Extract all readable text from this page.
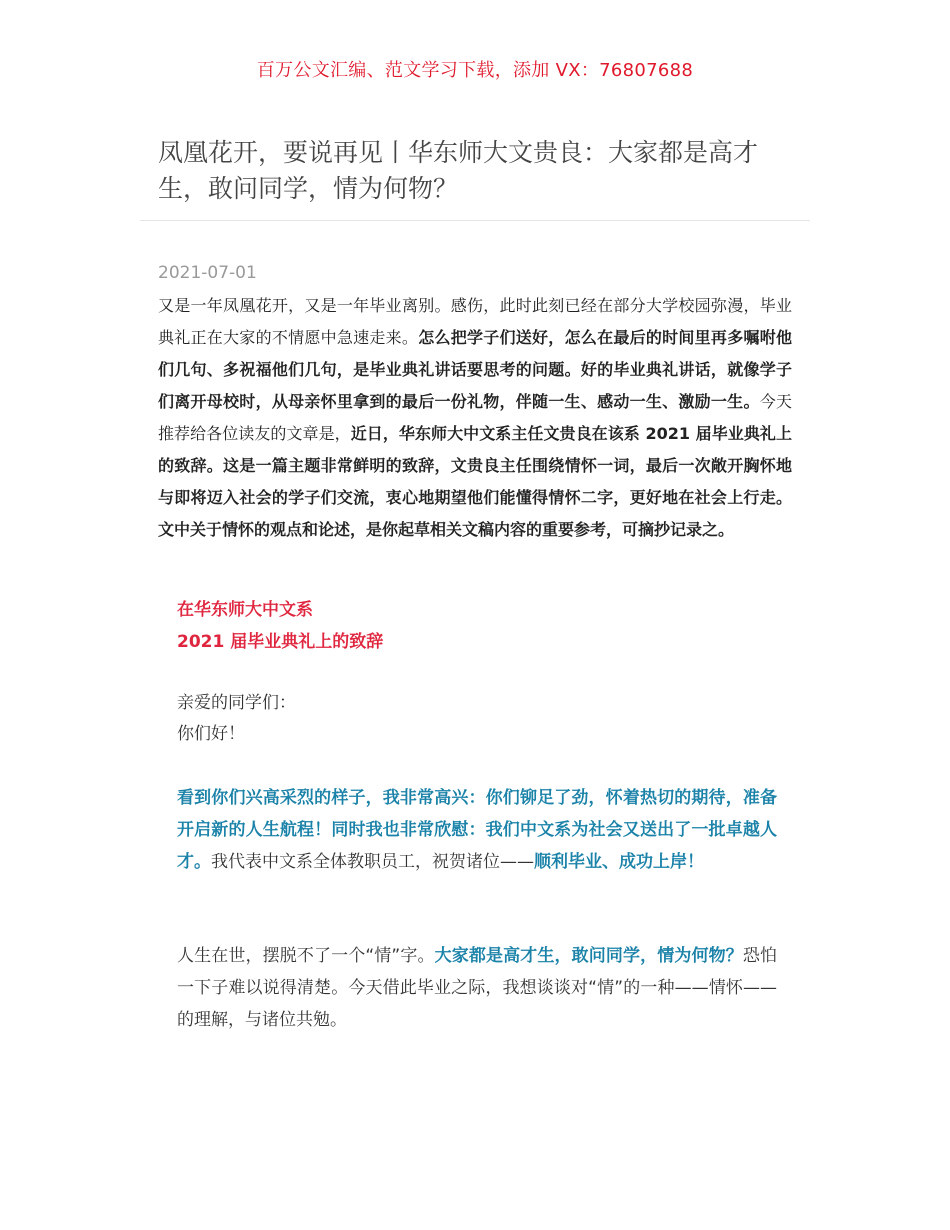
百万公文汇编、范文学习下载，添加 VX：76807688
凤凰花开，要说再见丨华东师大文贵良：大家都是高才生，敢问同学，情为何物？
2021-07-01

又是一年凤凰花开，又是一年毕业离别。感伤，此时此刻已经在部分大学校园弥漫，毕业典礼正在大家的不情愿中急速走来。怎么把学子们送好，怎么在最后的时间里再多嘱咐他们几句、多祝福他们几句，是毕业典礼讲话要思考的问题。好的毕业典礼讲话，就像学子们离开母校时，从母亲怀里拿到的最后一份礼物，伴随一生、感动一生、激励一生。今天推荐给各位读友的文章是，近日，华东师大中文系主任文贵良在该系 2021 届毕业典礼上的致辞。这是一篇主题非常鲜明的致辞，文贵良主任围绕情怀一词，最后一次敞开胸怀地与即将迈入社会的学子们交流，衷心地期望他们能懂得情怀二字，更好地在社会上行走。文中关于情怀的观点和论述，是你起草相关文稿内容的重要参考，可摘抄记录之。

在华东师大中文系
2021 届毕业典礼上的致辞
亲爱的同学们：
你们好！

看到你们兴高采烈的样子，我非常高兴：你们铆足了劲，怀着热切的期待，准备开启新的人生航程！同时我也非常欣慰：我们中文系为社会又送出了一批卓越人才。我代表中文系全体教职员工，祝贺诸位——顺利毕业、成功上岸！

人生在世，摆脱不了一个“情”字。大家都是高才生，敢问同学，情为何物？恐怕一下子难以说得清楚。今天借此毕业之际，我想谈谈对“情”的一种——情怀——的理解，与诸位共勉。
